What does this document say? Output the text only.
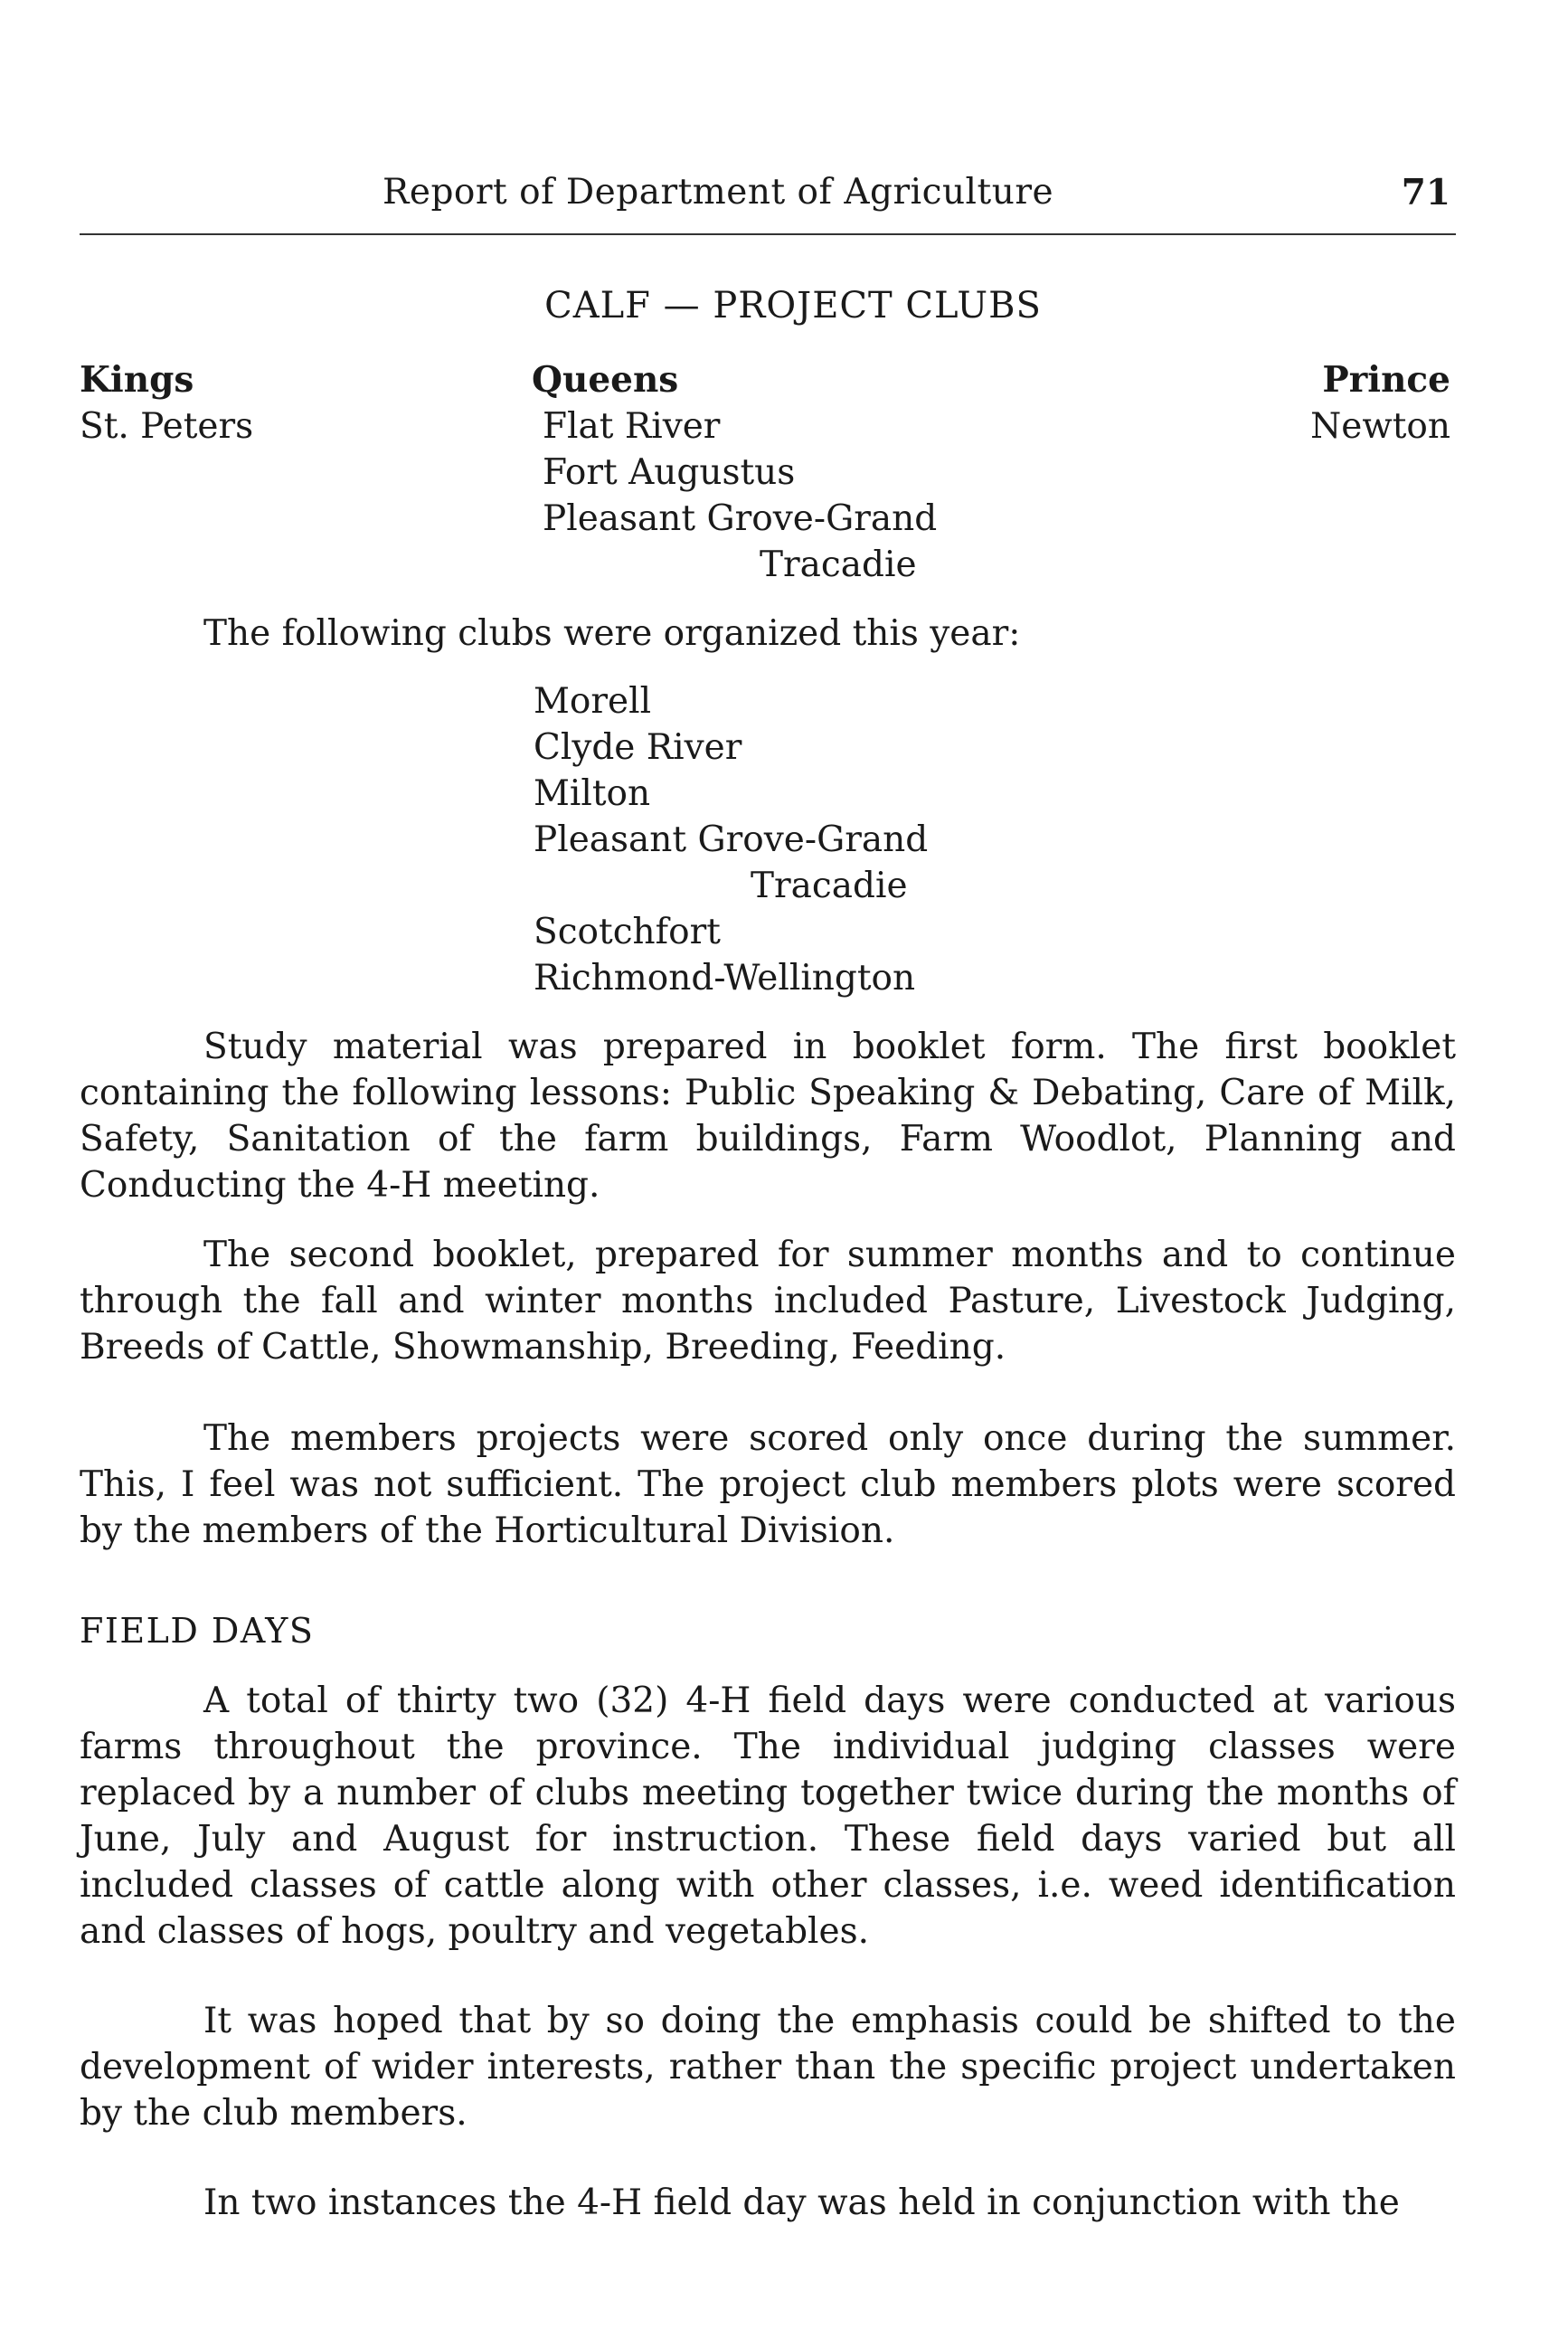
Report of Department of Agriculture	71
CALF — PROJECT CLUBS
Kings
St. Peters
Queens
Flat River
Fort Augustus
Pleasant Grove-Grand
Tracadie
Prince
Newton
The following clubs were organized this year:
Morell
Clyde River
Milton
Pleasant Grove-Grand
Tracadie
Scotchfort
Richmond-Wellington

Study material was prepared in booklet form. The first booklet containing the following lessons: Public Speaking & Debating, Care of Milk, Safety, Sanitation of the farm buildings, Farm Woodlot, Planning and Conducting the 4-H meeting.

The second booklet, prepared for summer months and to continue through the fall and winter months included Pasture, Livestock Judging, Breeds of Cattle, Showmanship, Breeding, Feeding.

The members projects were scored only once during the summer. This, I feel was not sufficient. The project club members plots were scored by the members of the Horticultural Division.

FIELD DAYS

A total of thirty two (32) 4-H field days were conducted at various farms throughout the province. The individual judging classes were replaced by a number of clubs meeting together twice during the months of June, July and August for instruction. These field days varied but all included classes of cattle along with other classes, i.e. weed identification and classes of hogs, poultry and vegetables.

It was hoped that by so doing the emphasis could be shifted to the development of wider interests, rather than the specific project undertaken by the club members.

In two instances the 4-H field day was held in conjunction with the
